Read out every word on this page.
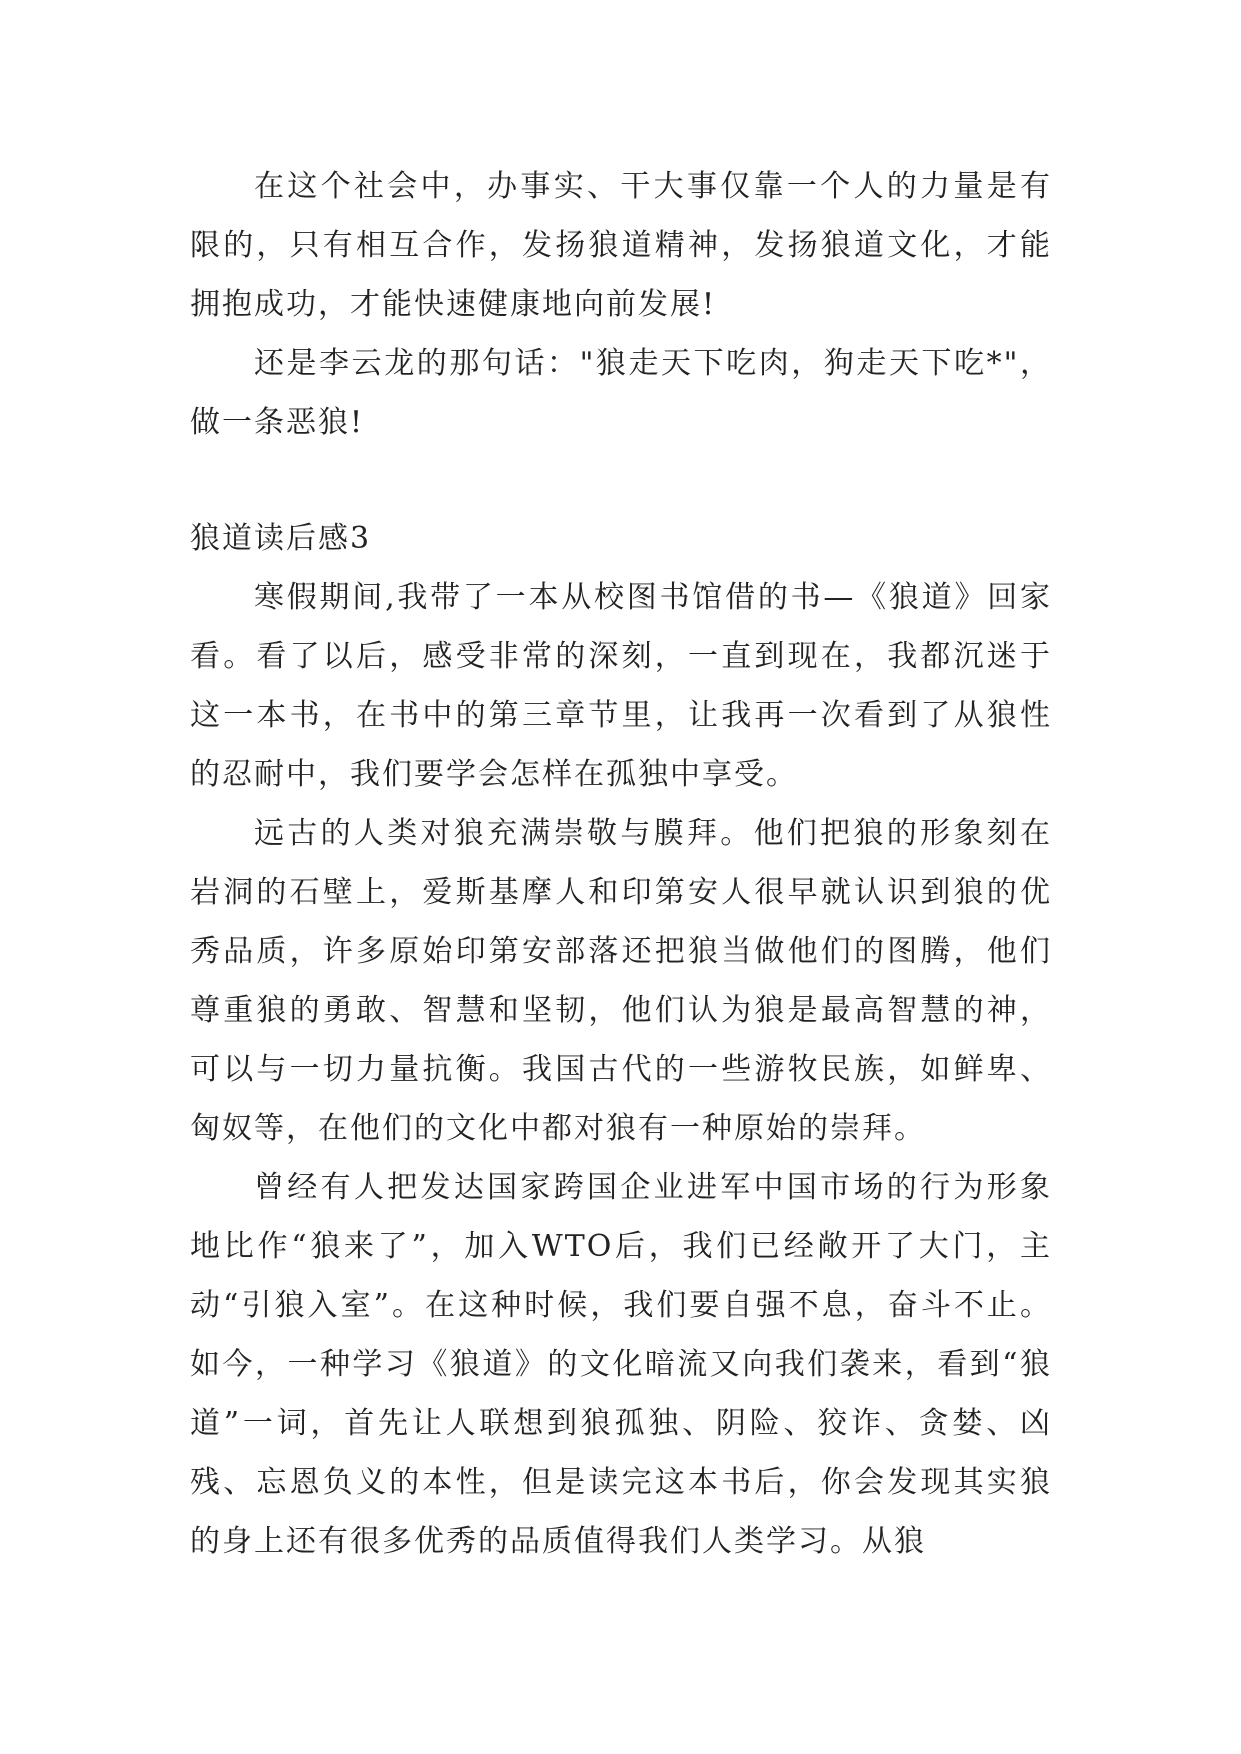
在这个社会中，办事实、干大事仅靠一个人的力量是有限的，只有相互合作，发扬狼道精神，发扬狼道文化，才能拥抱成功，才能快速健康地向前发展!

还是李云龙的那句话："狼走天下吃肉，狗走天下吃*"，做一条恶狼!

狼道读后感3

寒假期间,我带了一本从校图书馆借的书—《狼道》回家看。看了以后，感受非常的深刻，一直到现在，我都沉迷于这一本书，在书中的第三章节里，让我再一次看到了从狼性的忍耐中，我们要学会怎样在孤独中享受。

远古的人类对狼充满崇敬与膜拜。他们把狼的形象刻在岩洞的石壁上，爱斯基摩人和印第安人很早就认识到狼的优秀品质，许多原始印第安部落还把狼当做他们的图腾，他们尊重狼的勇敢、智慧和坚韧，他们认为狼是最高智慧的神，可以与一切力量抗衡。我国古代的一些游牧民族，如鲜卑、匈奴等，在他们的文化中都对狼有一种原始的崇拜。

曾经有人把发达国家跨国企业进军中国市场的行为形象地比作“狼来了”，加入WTO后，我们已经敞开了大门，主动“引狼入室”。在这种时候，我们要自强不息，奋斗不止。如今，一种学习《狼道》的文化暗流又向我们袭来，看到“狼道”一词，首先让人联想到狼孤独、阴险、狡诈、贪婪、凶残、忘恩负义的本性，但是读完这本书后，你会发现其实狼的身上还有很多优秀的品质值得我们人类学习。从狼
